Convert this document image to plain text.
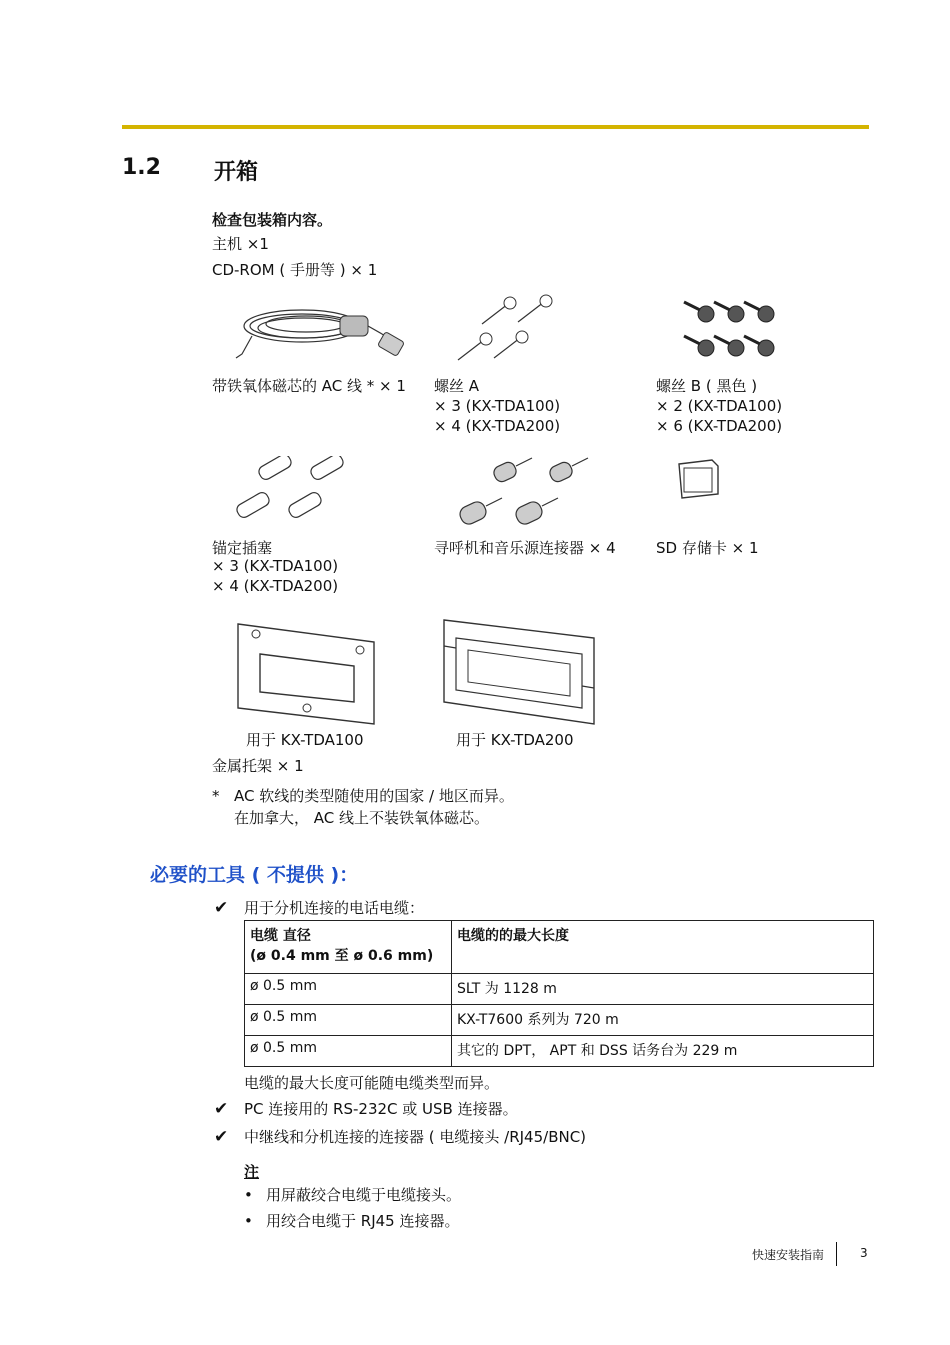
1.2 开箱
检查包装箱内容。
主机 ×1
CD-ROM ( 手册等 ) × 1
带铁氧体磁芯的 AC 线 * × 1 螺丝 A
× 3 (KX-TDA100)
× 4 (KX-TDA200)
螺丝 B ( 黑色 )
× 2 (KX-TDA100)
× 6 (KX-TDA200)
锚定插塞
× 3 (KX-TDA100)
× 4 (KX-TDA200)
寻呼机和音乐源连接器 × 4	SD 存储卡 × 1
用于 KX-TDA100	用于 KX-TDA200
金属托架 × 1
* AC 软线的类型随使用的国家 / 地区而异。
在加拿大， AC 线上不装铁氧体磁芯。
必要的工具 ( 不提供 )：
✔ 用于分机连接的电话电缆：
电缆 直径
(ø 0.4 mm 至 ø 0.6 mm)	电缆的的最大长度
ø 0.5 mm	SLT 为 1128 m
ø 0.5 mm	KX-T7600 系列为 720 m
ø 0.5 mm	其它的 DPT， APT 和 DSS 话务台为 229 m
电缆的最大长度可能随电缆类型而异。
✔ PC 连接用的 RS-232C 或 USB 连接器。
✔ 中继线和分机连接的连接器 ( 电缆接头 /RJ45/BNC)
注
• 用屏蔽绞合电缆于电缆接头。
• 用绞合电缆于 RJ45 连接器。
快速安装指南	3
